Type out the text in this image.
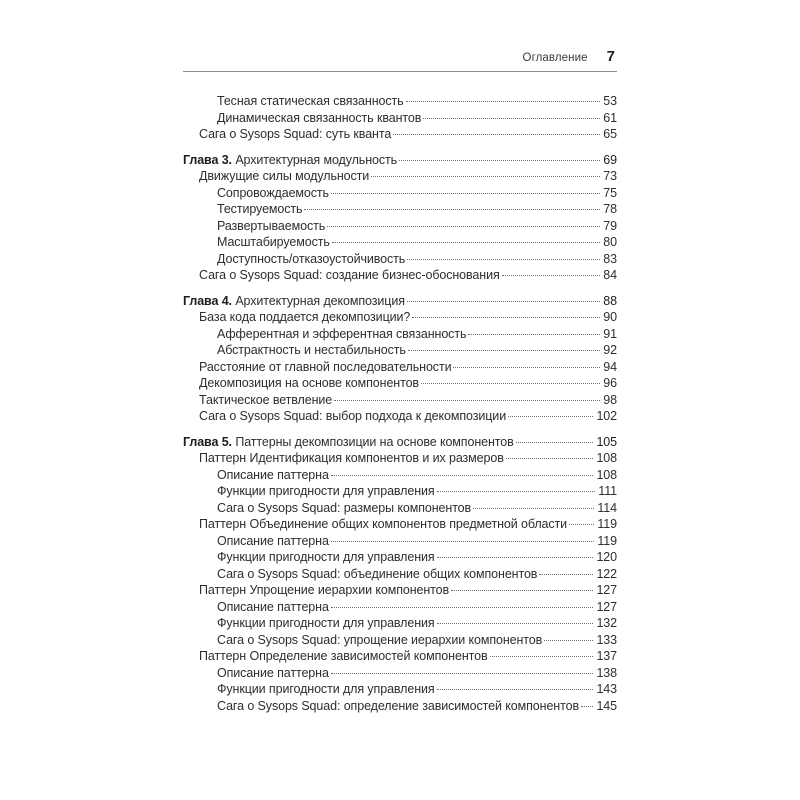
Оглавление 7
Тесная статическая связанность	53
Динамическая связанность квантов	61
Сага о Sysops Squad: суть кванта	65
Глава 3. Архитектурная модульность	69
Движущие силы модульности	73
Сопровождаемость	75
Тестируемость	78
Развертываемость	79
Масштабируемость	80
Доступность/отказоустойчивость	83
Сага о Sysops Squad: создание бизнес-обоснования	84
Глава 4. Архитектурная декомпозиция	88
База кода поддается декомпозиции?	90
Афферентная и эфферентная связанность	91
Абстрактность и нестабильность	92
Расстояние от главной последовательности	94
Декомпозиция на основе компонентов	96
Тактическое ветвление	98
Сага о Sysops Squad: выбор подхода к декомпозиции	102
Глава 5. Паттерны декомпозиции на основе компонентов	105
Паттерн Идентификация компонентов и их размеров	108
Описание паттерна	108
Функции пригодности для управления	111
Сага о Sysops Squad: размеры компонентов	114
Паттерн Объединение общих компонентов предметной области 119
Описание паттерна	119
Функции пригодности для управления	120
Сага о Sysops Squad: объединение общих компонентов	122
Паттерн Упрощение иерархии компонентов	127
Описание паттерна	127
Функции пригодности для управления	132
Сага о Sysops Squad: упрощение иерархии компонентов	133
Паттерн Определение зависимостей компонентов	137
Описание паттерна	138
Функции пригодности для управления	143
Сага о Sysops Squad: определение зависимостей компонентов 145
